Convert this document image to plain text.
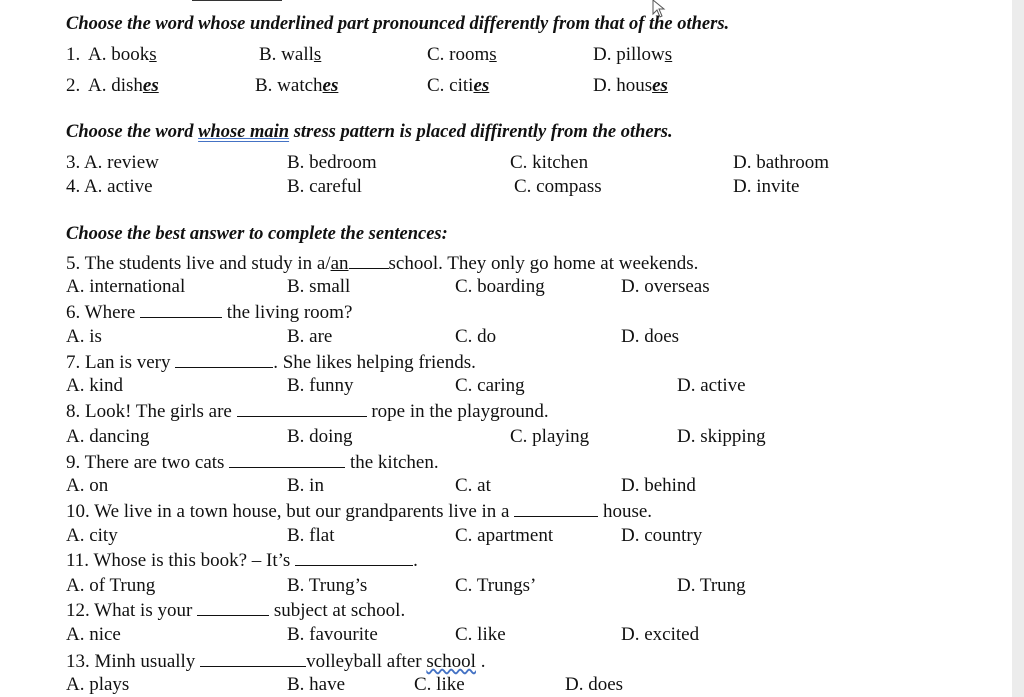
Choose the word whose underlined part pronounced differently from that of the others.
1. A. books	B. walls	C. rooms	D. pillows
2. A. dishes	B. watches	C. cities	D. houses
Choose the word whose main stress pattern is placed diffirently from the others.
3. A. review	B. bedroom	C. kitchen	D. bathroom
4. A. active	B. careful	C. compass	D. invite
Choose the best answer to complete the sentences:
5. The students live and study in a/an school. They only go home at weekends.
A. international	B. small	C. boarding	D. overseas
6. Where	the living room?
A. is	B. are	C. do	D. does
7. Lan is very	. She likes helping friends.
A. kind	B. funny	C. caring	D. active
8. Look! The girls are	rope in the playground.
A. dancing	B. doing	C. playing	D. skipping
9. There are two cats	the kitchen.
A. on	B. in	C. at	D. behind
10. We live in a town house, but our grandparents live in a	house.
A. city	B. flat	C. apartment	D. country
11. Whose is this book? – It’s	.
A. of Trung	B. Trung’s	C. Trungs’	D. Trung
12. What is your	subject at school.
A. nice	B. favourite	C. like	D. excited
13. Minh usually	volleyball after school .
A. plays	B. have	C. like	D. does
